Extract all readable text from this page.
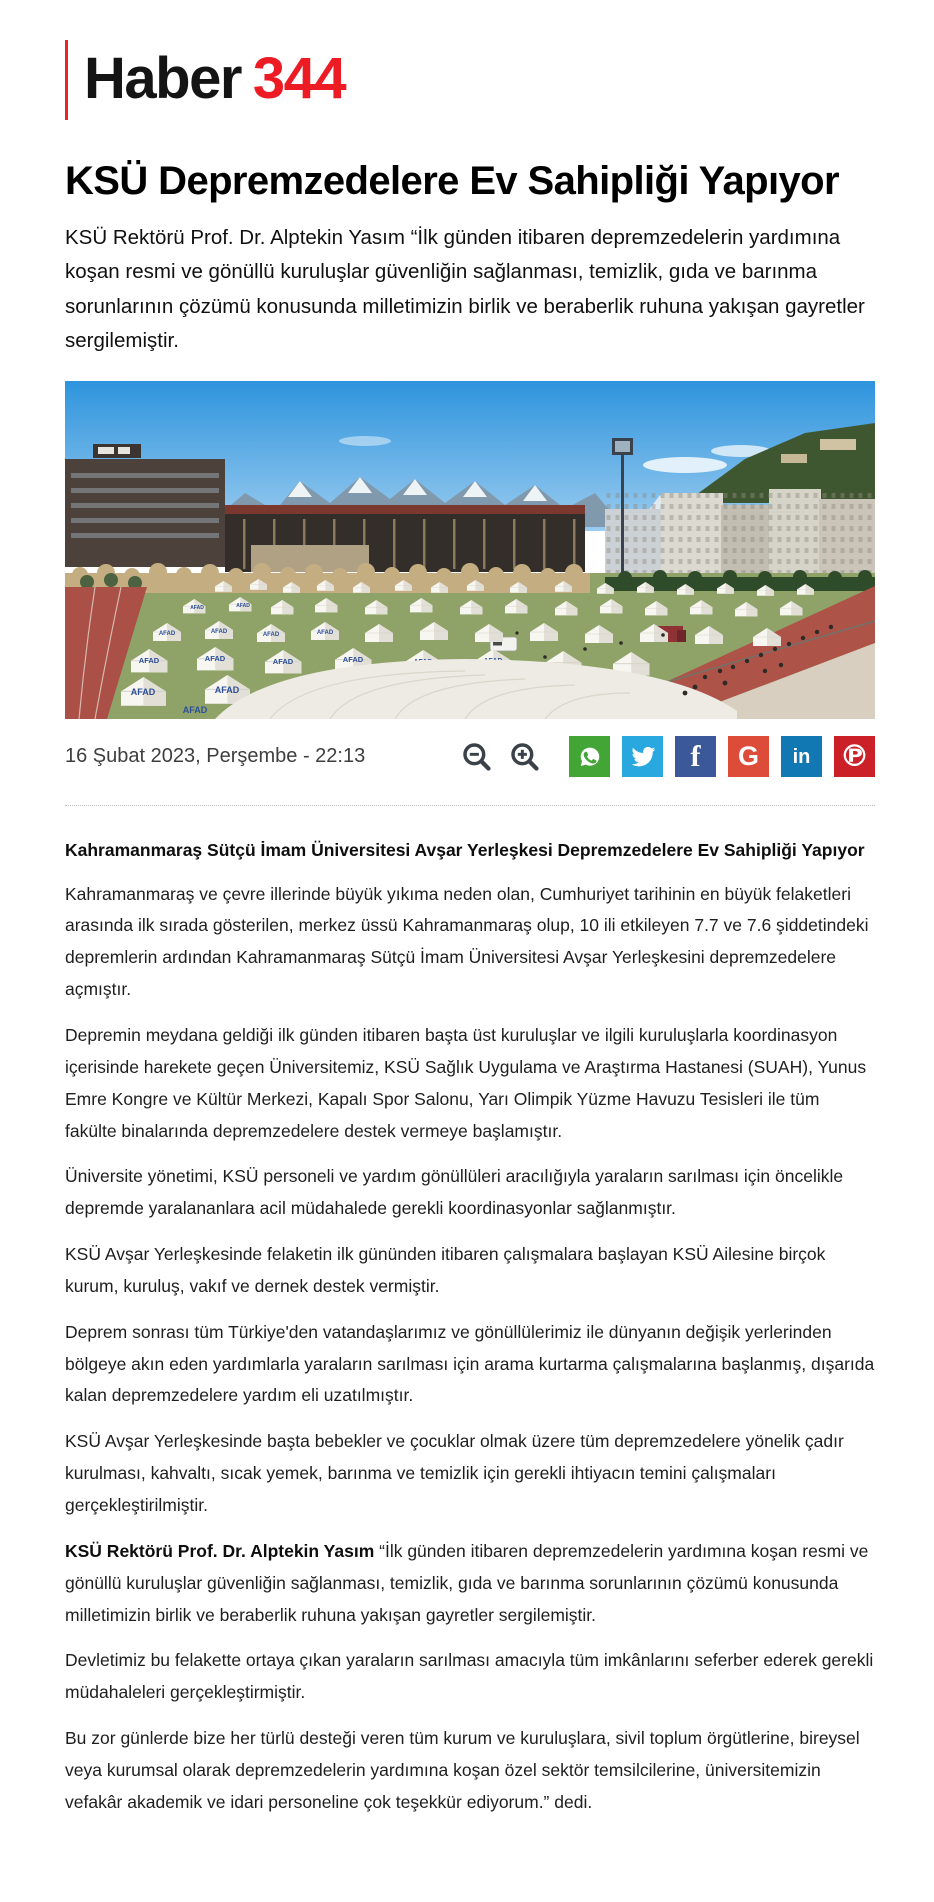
Haber 344
KSÜ Depremzedelere Ev Sahipliği Yapıyor

KSÜ Rektörü Prof. Dr. Alptekin Yasım “İlk günden itibaren depremzedelerin yardımına koşan resmi ve gönüllü kuruluşlar güvenliğin sağlanması, temizlik, gıda ve barınma sorunlarının çözümü konusunda milletimizin birlik ve beraberlik ruhuna yakışan gayretler sergilemiştir.

AFAD	AFAD
AFAD	AFAD	AFAD	AFAD
AFAD	AFAD	AFAD	AFAD
AFAD	AFAD
AFAD
16 Şubat 2023, Perşembe - 22:13	f G in ℗

Kahramanmaraş Sütçü İmam Üniversitesi Avşar Yerleşkesi Depremzedelere Ev Sahipliği Yapıyor

Kahramanmaraş ve çevre illerinde büyük yıkıma neden olan, Cumhuriyet tarihinin en büyük felaketleri arasında ilk sırada gösterilen, merkez üssü Kahramanmaraş olup, 10 ili etkileyen 7.7 ve 7.6 şiddetindeki depremlerin ardından Kahramanmaraş Sütçü İmam Üniversitesi Avşar Yerleşkesini depremzedelere açmıştır.

Depremin meydana geldiği ilk günden itibaren başta üst kuruluşlar ve ilgili kuruluşlarla koordinasyon içerisinde harekete geçen Üniversitemiz, KSÜ Sağlık Uygulama ve Araştırma Hastanesi (SUAH), Yunus Emre Kongre ve Kültür Merkezi, Kapalı Spor Salonu, Yarı Olimpik Yüzme Havuzu Tesisleri ile tüm fakülte binalarında depremzedelere destek vermeye başlamıştır.

Üniversite yönetimi, KSÜ personeli ve yardım gönüllüleri aracılığıyla yaraların sarılması için öncelikle depremde yaralananlara acil müdahalede gerekli koordinasyonlar sağlanmıştır.

KSÜ Avşar Yerleşkesinde felaketin ilk gününden itibaren çalışmalara başlayan KSÜ Ailesine birçok kurum, kuruluş, vakıf ve dernek destek vermiştir.

Deprem sonrası tüm Türkiye'den vatandaşlarımız ve gönüllülerimiz ile dünyanın değişik yerlerinden bölgeye akın eden yardımlarla yaraların sarılması için arama kurtarma çalışmalarına başlanmış, dışarıda kalan depremzedelere yardım eli uzatılmıştır.

KSÜ Avşar Yerleşkesinde başta bebekler ve çocuklar olmak üzere tüm depremzedelere yönelik çadır kurulması, kahvaltı, sıcak yemek, barınma ve temizlik için gerekli ihtiyacın temini çalışmaları gerçekleştirilmiştir.

KSÜ Rektörü Prof. Dr. Alptekin Yasım “İlk günden itibaren depremzedelerin yardımına koşan resmi ve gönüllü kuruluşlar güvenliğin sağlanması, temizlik, gıda ve barınma sorunlarının çözümü konusunda milletimizin birlik ve beraberlik ruhuna yakışan gayretler sergilemiştir.

Devletimiz bu felakette ortaya çıkan yaraların sarılması amacıyla tüm imkânlarını seferber ederek gerekli müdahaleleri gerçekleştirmiştir.

Bu zor günlerde bize her türlü desteği veren tüm kurum ve kuruluşlara, sivil toplum örgütlerine, bireysel veya kurumsal olarak depremzedelerin yardımına koşan özel sektör temsilcilerine, üniversitemizin vefakâr akademik ve idari personeline çok teşekkür ediyorum.” dedi.
